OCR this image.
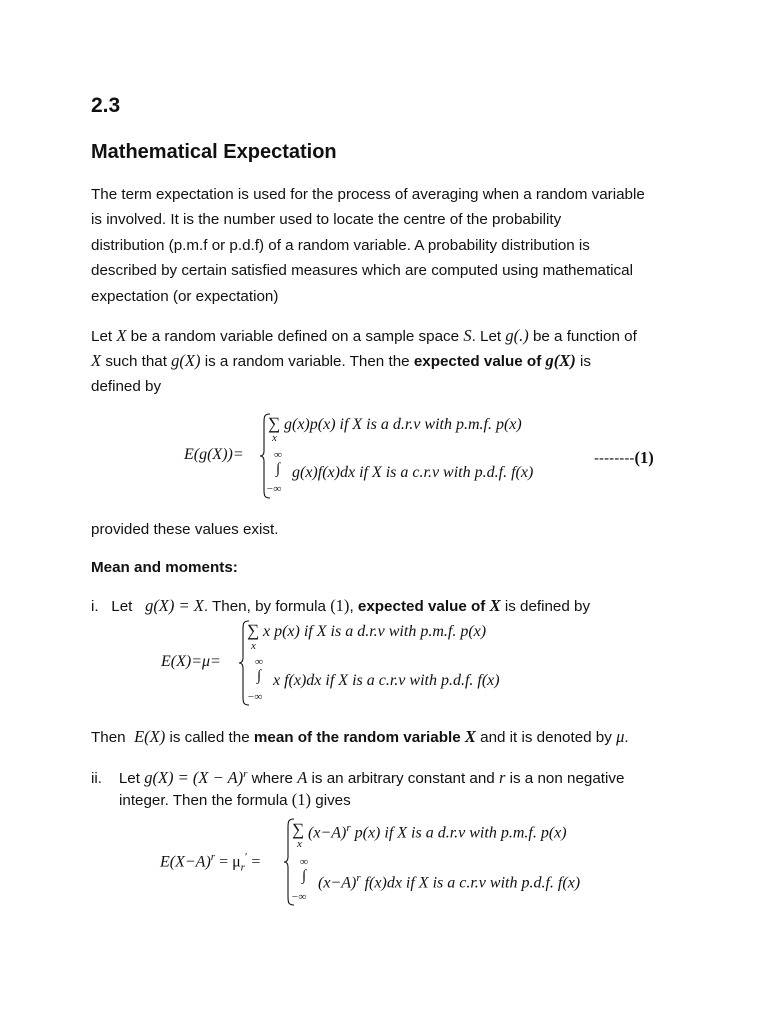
2.3
Mathematical Expectation
The term expectation is used for the process of averaging when a random variable
is involved. It is the number used to locate the centre of the probability
distribution (p.m.f or p.d.f) of a random variable. A probability distribution is
described by certain satisfied measures which are computed using mathematical
expectation (or expectation)
Let X be a random variable defined on a sample space S. Let g(.) be a function of
X such that g(X) is a random variable. Then the expected value of g(X) is
defined by
E(g(X))=
∑
x
g(x)p(x) if X is a d.r.v with p.m.f. p(x)
∞
∫
−∞
g(x)f(x)dx if X is a c.r.v with p.d.f. f(x)
--------(1)
provided these values exist.
Mean and moments:
i. Let   g(X) = X. Then, by formula (1), expected value of X is defined by
E(X)=μ=
∑
x
x p(x) if X is a d.r.v with p.m.f. p(x)
∞
∫
−∞
x f(x)dx if X is a c.r.v with p.d.f. f(x)
Then  E(X) is called the mean of the random variable X and it is denoted by μ.
ii. Let $g(X) = (X - A)^r$ where A is an arbitrary constant and r is a non negative
integer. Then the formula (1) gives
$E(X-A)^r = \mu_r'$ =
∑
x
$(x-A)^r$ p(x) if X is a d.r.v with p.m.f. p(x)
∞
∫
−∞
$(x-A)^r$ f(x)dx if X is a c.r.v with p.d.f. f(x)
